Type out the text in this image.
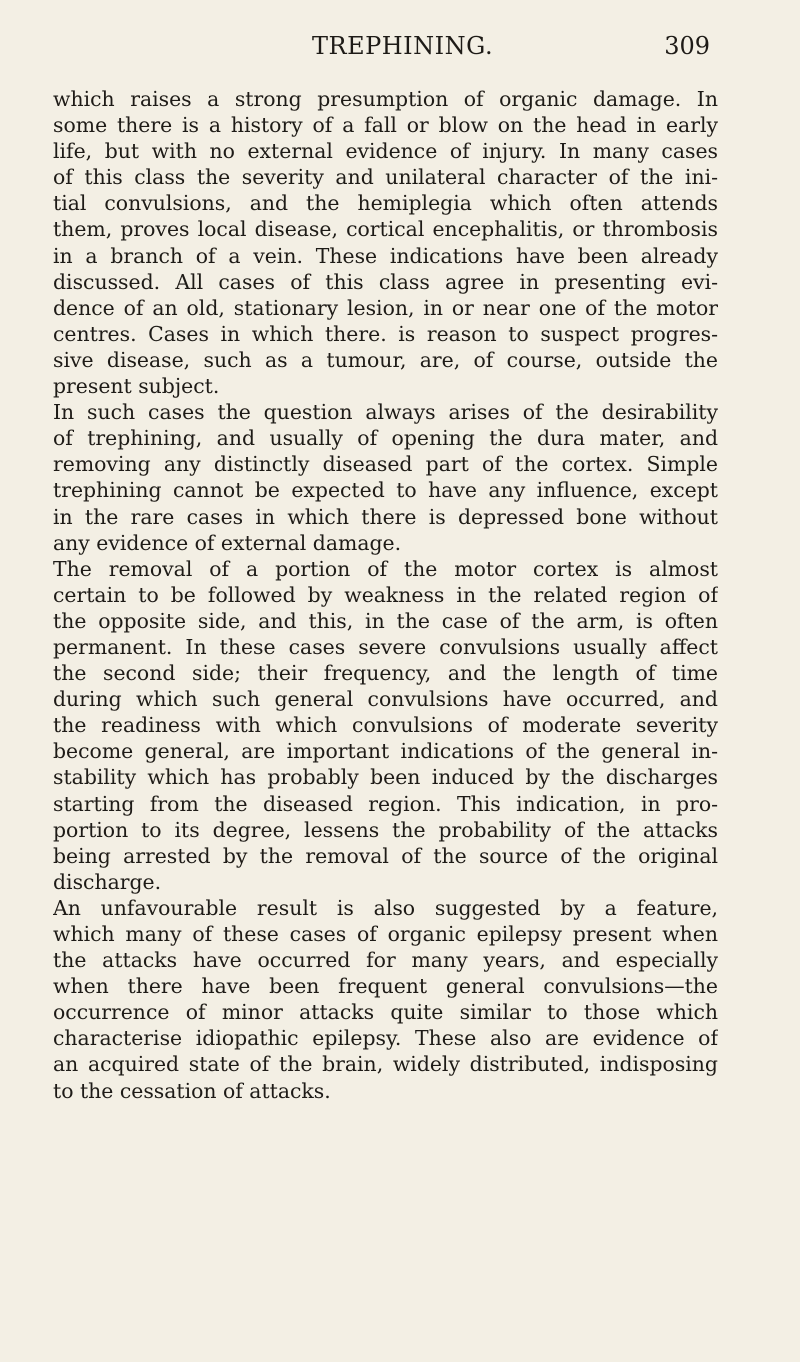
TREPHINING.	309
which raises a strong presumption of organic damage. In
some there is a history of a fall or blow on the head in early
life, but with no external evidence of injury. In many cases
of this class the severity and unilateral character of the ini-
tial convulsions, and the hemiplegia which often attends
them, proves local disease, cortical encephalitis, or thrombosis
in a branch of a vein. These indications have been already
discussed. All cases of this class agree in presenting evi-
dence of an old, stationary lesion, in or near one of the motor
centres. Cases in which there. is reason to suspect progres-
sive disease, such as a tumour, are, of course, outside the
present subject.
In such cases the question always arises of the desirability
of trephining, and usually of opening the dura mater, and
removing any distinctly diseased part of the cortex. Simple
trephining cannot be expected to have any influence, except
in the rare cases in which there is depressed bone without
any evidence of external damage.
The removal of a portion of the motor cortex is almost
certain to be followed by weakness in the related region of
the opposite side, and this, in the case of the arm, is often
permanent. In these cases severe convulsions usually affect
the second side; their frequency, and the length of time
during which such general convulsions have occurred, and
the readiness with which convulsions of moderate severity
become general, are important indications of the general in-
stability which has probably been induced by the discharges
starting from the diseased region. This indication, in pro-
portion to its degree, lessens the probability of the attacks
being arrested by the removal of the source of the original
discharge.
An unfavourable result is also suggested by a feature,
which many of these cases of organic epilepsy present when
the attacks have occurred for many years, and especially
when there have been frequent general convulsions—the
occurrence of minor attacks quite similar to those which
characterise idiopathic epilepsy. These also are evidence of
an acquired state of the brain, widely distributed, indisposing
to the cessation of attacks.
